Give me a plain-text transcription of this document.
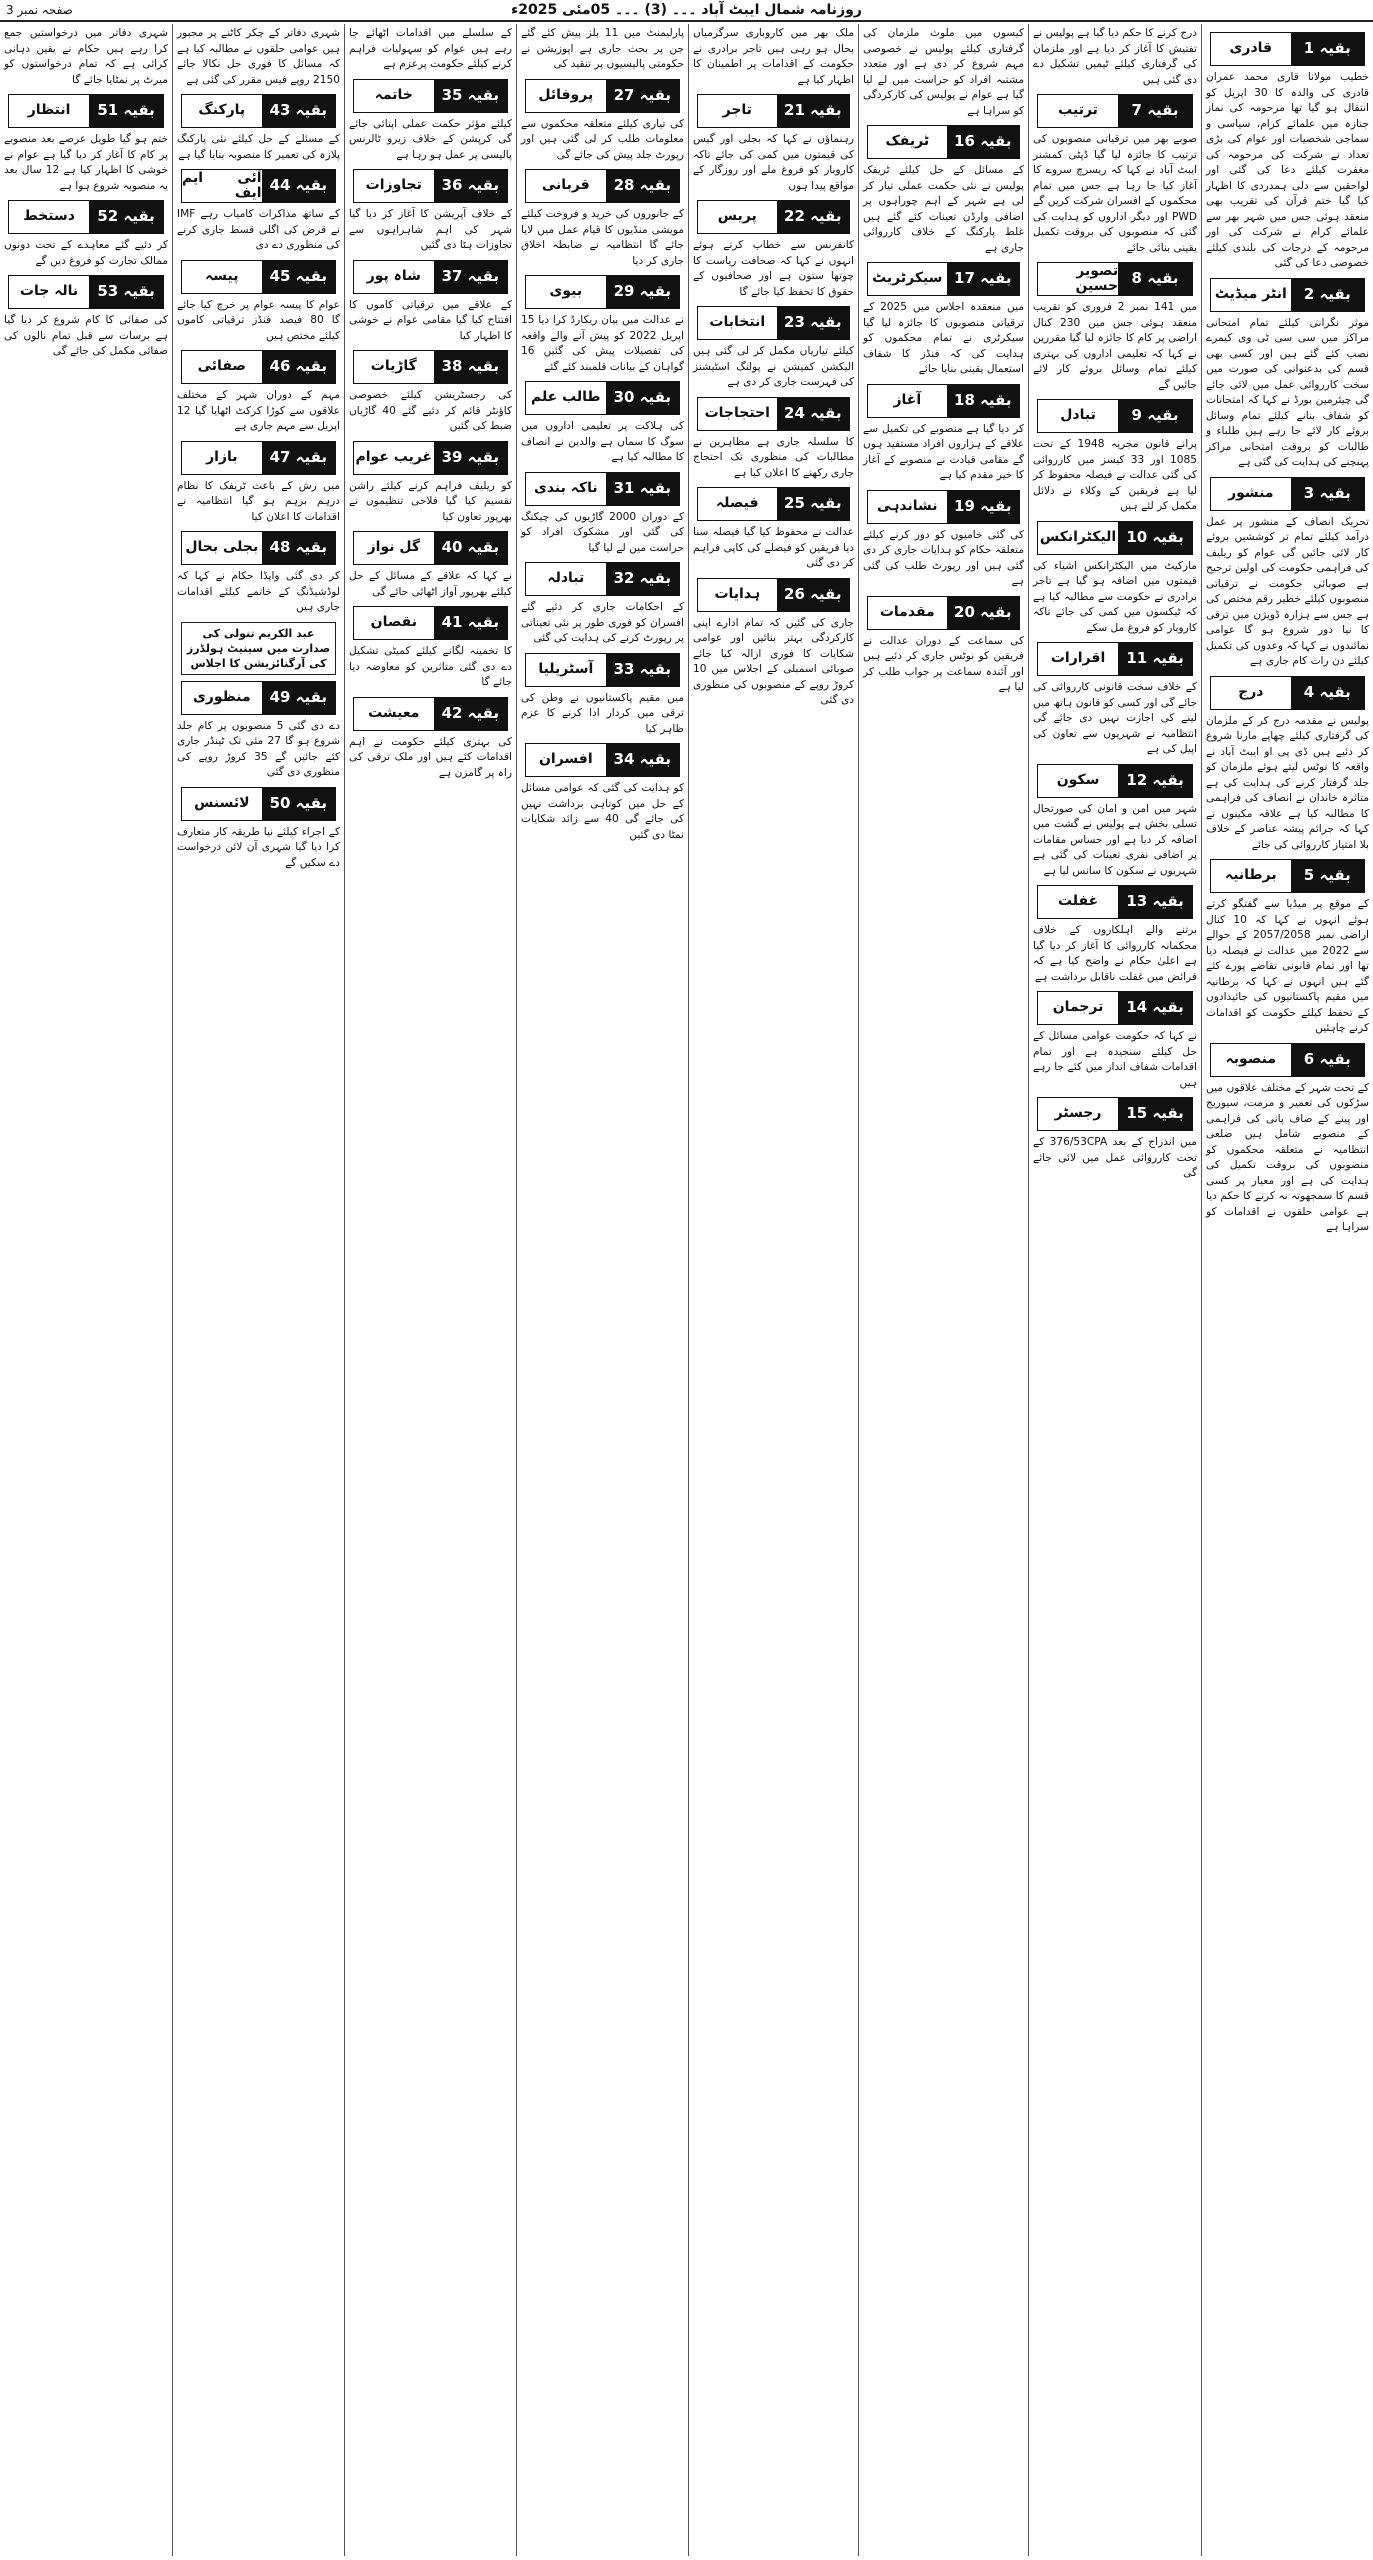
روزنامہ شمال ایبٹ آباد ۔۔۔ (3) ۔۔۔ 05مئی 2025ء
صفحہ نمبر 3

شہری دفاتر میں درخواستیں جمع کرا رہے ہیں حکام نے یقین دہانی کرائی ہے کہ تمام درخواستوں کو میرٹ پر نمٹایا جائے گا

بقیہ 51
انتظار

ختم ہو گیا طویل عرصے بعد منصوبے پر کام کا آغاز کر دیا گیا ہے عوام نے خوشی کا اظہار کیا ہے 12 سال بعد یہ منصوبہ شروع ہوا ہے

بقیہ 52
دستخط

کر دئیے گئے معاہدے کے تحت دونوں ممالک تجارت کو فروغ دیں گے

بقیہ 53
نالہ جات

کی صفائی کا کام شروع کر دیا گیا ہے برسات سے قبل تمام نالوں کی صفائی مکمل کی جائے گی

شہری دفاتر کے چکر کاٹنے پر مجبور ہیں عوامی حلقوں نے مطالبہ کیا ہے کہ مسائل کا فوری حل نکالا جائے 2150 روپے فیس مقرر کی گئی ہے

بقیہ 43
پارکنگ

کے مسئلے کے حل کیلئے نئی پارکنگ پلازہ کی تعمیر کا منصوبہ بنایا گیا ہے

بقیہ 44
آئی ایم ایف

کے ساتھ مذاکرات کامیاب رہے IMF نے قرض کی اگلی قسط جاری کرنے کی منظوری دے دی

بقیہ 45
پیسہ

عوام کا پیسہ عوام پر خرچ کیا جائے گا 80 فیصد فنڈز ترقیاتی کاموں کیلئے مختص ہیں

بقیہ 46
صفائی

مہم کے دوران شہر کے مختلف علاقوں سے کوڑا کرکٹ اٹھایا گیا 12 اپریل سے مہم جاری ہے

بقیہ 47
بازار

میں رش کے باعث ٹریفک کا نظام درہم برہم ہو گیا انتظامیہ نے اقدامات کا اعلان کیا

بقیہ 48
بجلی بحال

کر دی گئی واپڈا حکام نے کہا کہ لوڈشیڈنگ کے خاتمے کیلئے اقدامات جاری ہیں

عبد الکریم تنولی کی صدارت میں سینیٹ ہولڈرز کی آرگنائزیشن کا اجلاس
بقیہ 49
منظوری

دے دی گئی 5 منصوبوں پر کام جلد شروع ہو گا 27 مئی تک ٹینڈر جاری کئے جائیں گے 35 کروڑ روپے کی منظوری دی گئی

بقیہ 50
لائسنس

کے اجراء کیلئے نیا طریقہ کار متعارف کرا دیا گیا شہری آن لائن درخواست دے سکیں گے

کے سلسلے میں اقدامات اٹھائے جا رہے ہیں عوام کو سہولیات فراہم کرنے کیلئے حکومت پرعزم ہے

بقیہ 35
خاتمہ

کیلئے مؤثر حکمت عملی اپنائی جائے گی کرپشن کے خلاف زیرو ٹالرنس پالیسی پر عمل ہو رہا ہے

بقیہ 36
تجاوزات

کے خلاف آپریشن کا آغاز کر دیا گیا شہر کی اہم شاہراہوں سے تجاوزات ہٹا دی گئیں

بقیہ 37
شاہ پور

کے علاقے میں ترقیاتی کاموں کا افتتاح کیا گیا مقامی عوام نے خوشی کا اظہار کیا

بقیہ 38
گاڑیات

کی رجسٹریشن کیلئے خصوصی کاؤنٹر قائم کر دئیے گئے 40 گاڑیاں ضبط کی گئیں

بقیہ 39
غریب عوام

کو ریلیف فراہم کرنے کیلئے راشن تقسیم کیا گیا فلاحی تنظیموں نے بھرپور تعاون کیا

بقیہ 40
گل نواز

نے کہا کہ علاقے کے مسائل کے حل کیلئے بھرپور آواز اٹھائی جائے گی

بقیہ 41
نقصان

کا تخمینہ لگانے کیلئے کمیٹی تشکیل دے دی گئی متاثرین کو معاوضہ دیا جائے گا

بقیہ 42
معیشت

کی بہتری کیلئے حکومت نے اہم اقدامات کئے ہیں اور ملک ترقی کی راہ پر گامزن ہے

پارلیمنٹ میں 11 بلز پیش کئے گئے جن پر بحث جاری ہے اپوزیشن نے حکومتی پالیسیوں پر تنقید کی

بقیہ 27
پروفائل

کی تیاری کیلئے متعلقہ محکموں سے معلومات طلب کر لی گئی ہیں اور رپورٹ جلد پیش کی جائے گی

بقیہ 28
قربانی

کے جانوروں کی خرید و فروخت کیلئے مویشی منڈیوں کا قیام عمل میں لایا جائے گا انتظامیہ نے ضابطہ اخلاق جاری کر دیا

بقیہ 29
بیوی

نے عدالت میں بیان ریکارڈ کرا دیا 15 اپریل 2022 کو پیش آنے والے واقعہ کی تفصیلات پیش کی گئیں 16 گواہان کے بیانات قلمبند کئے گئے

بقیہ 30
طالب علم

کی ہلاکت پر تعلیمی اداروں میں سوگ کا سماں ہے والدین نے انصاف کا مطالبہ کیا ہے

بقیہ 31
ناکہ بندی

کے دوران 2000 گاڑیوں کی چیکنگ کی گئی اور مشکوک افراد کو حراست میں لے لیا گیا

بقیہ 32
تبادلہ

کے احکامات جاری کر دئیے گئے افسران کو فوری طور پر نئی تعیناتی پر رپورٹ کرنے کی ہدایت کی گئی

بقیہ 33
آسٹریلیا

میں مقیم پاکستانیوں نے وطن کی ترقی میں کردار ادا کرنے کا عزم ظاہر کیا

بقیہ 34
افسران

کو ہدایت کی گئی کہ عوامی مسائل کے حل میں کوتاہی برداشت نہیں کی جائے گی 40 سے زائد شکایات نمٹا دی گئیں

ملک بھر میں کاروباری سرگرمیاں بحال ہو رہی ہیں تاجر برادری نے حکومت کے اقدامات پر اطمینان کا اظہار کیا ہے

بقیہ 21
تاجر

رہنماؤں نے کہا کہ بجلی اور گیس کی قیمتوں میں کمی کی جائے تاکہ کاروبار کو فروغ ملے اور روزگار کے مواقع پیدا ہوں

بقیہ 22
پریس

کانفرنس سے خطاب کرتے ہوئے انہوں نے کہا کہ صحافت ریاست کا چوتھا ستون ہے اور صحافیوں کے حقوق کا تحفظ کیا جائے گا

بقیہ 23
انتخابات

کیلئے تیاریاں مکمل کر لی گئی ہیں الیکشن کمیشن نے پولنگ اسٹیشنز کی فہرست جاری کر دی ہے

بقیہ 24
احتجاجات

کا سلسلہ جاری ہے مظاہرین نے مطالبات کی منظوری تک احتجاج جاری رکھنے کا اعلان کیا ہے

بقیہ 25
فیصلہ

عدالت نے محفوظ کیا گیا فیصلہ سنا دیا فریقین کو فیصلے کی کاپی فراہم کر دی گئی

بقیہ 26
ہدایات

جاری کی گئیں کہ تمام ادارے اپنی کارکردگی بہتر بنائیں اور عوامی شکایات کا فوری ازالہ کیا جائے صوبائی اسمبلی کے اجلاس میں 10 کروڑ روپے کے منصوبوں کی منظوری دی گئی

کیسوں میں ملوث ملزمان کی گرفتاری کیلئے پولیس نے خصوصی مہم شروع کر دی ہے اور متعدد مشتبہ افراد کو حراست میں لے لیا گیا ہے عوام نے پولیس کی کارکردگی کو سراہا ہے

بقیہ 16
ٹریفک

کے مسائل کے حل کیلئے ٹریفک پولیس نے نئی حکمت عملی تیار کر لی ہے شہر کے اہم چوراہوں پر اضافی وارڈن تعینات کئے گئے ہیں غلط پارکنگ کے خلاف کارروائی جاری ہے

بقیہ 17
سیکرٹریٹ

میں منعقدہ اجلاس میں 2025 کے ترقیاتی منصوبوں کا جائزہ لیا گیا سیکرٹری نے تمام محکموں کو ہدایت کی کہ فنڈز کا شفاف استعمال یقینی بنایا جائے

بقیہ 18
آغاز

کر دیا گیا ہے منصوبے کی تکمیل سے علاقے کے ہزاروں افراد مستفید ہوں گے مقامی قیادت نے منصوبے کے آغاز کا خیر مقدم کیا ہے

بقیہ 19
نشاندہی

کی گئی خامیوں کو دور کرنے کیلئے متعلقہ حکام کو ہدایات جاری کر دی گئی ہیں اور رپورٹ طلب کی گئی ہے

بقیہ 20
مقدمات

کی سماعت کے دوران عدالت نے فریقین کو نوٹس جاری کر دئیے ہیں اور آئندہ سماعت پر جواب طلب کر لیا ہے

درج کرنے کا حکم دیا گیا ہے پولیس نے تفتیش کا آغاز کر دیا ہے اور ملزمان کی گرفتاری کیلئے ٹیمیں تشکیل دے دی گئی ہیں

بقیہ 7
ترتیب

صوبے بھر میں ترقیاتی منصوبوں کی ترتیب کا جائزہ لیا گیا ڈپٹی کمشنر ایبٹ آباد نے کہا کہ ریسرچ سروے کا آغاز کیا جا رہا ہے جس میں تمام محکموں کے افسران شرکت کریں گے PWD اور دیگر اداروں کو ہدایت کی گئی کہ منصوبوں کی بروقت تکمیل یقینی بنائی جائے

بقیہ 8
تصویر حسین

میں 141 نمبر 2 فروری کو تقریب منعقد ہوئی جس میں 230 کنال اراضی پر کام کا جائزہ لیا گیا مقررین نے کہا کہ تعلیمی اداروں کی بہتری کیلئے تمام وسائل بروئے کار لائے جائیں گے

بقیہ 9
تبادل

پرانے قانون مجریہ 1948 کے تحت 1085 اور 33 کیسز میں کارروائی کی گئی عدالت نے فیصلہ محفوظ کر لیا ہے فریقین کے وکلاء نے دلائل مکمل کر لئے ہیں

بقیہ 10
الیکٹرانکس

مارکیٹ میں الیکٹرانکس اشیاء کی قیمتوں میں اضافہ ہو گیا ہے تاجر برادری نے حکومت سے مطالبہ کیا ہے کہ ٹیکسوں میں کمی کی جائے تاکہ کاروبار کو فروغ مل سکے

بقیہ 11
اقرارات

کے خلاف سخت قانونی کارروائی کی جائے گی اور کسی کو قانون ہاتھ میں لینے کی اجازت نہیں دی جائے گی انتظامیہ نے شہریوں سے تعاون کی اپیل کی ہے

بقیہ 12
سکون

شہر میں امن و امان کی صورتحال تسلی بخش ہے پولیس نے گشت میں اضافہ کر دیا ہے اور حساس مقامات پر اضافی نفری تعینات کی گئی ہے شہریوں نے سکون کا سانس لیا ہے

بقیہ 13
غفلت

برتنے والے اہلکاروں کے خلاف محکمانہ کارروائی کا آغاز کر دیا گیا ہے اعلیٰ حکام نے واضح کیا ہے کہ فرائض میں غفلت ناقابل برداشت ہے

بقیہ 14
ترجمان

نے کہا کہ حکومت عوامی مسائل کے حل کیلئے سنجیدہ ہے اور تمام اقدامات شفاف انداز میں کئے جا رہے ہیں

بقیہ 15
رجسٹر

میں اندراج کے بعد 376/53CPA کے تحت کارروائی عمل میں لائی جائے گی

بقیہ 1
قادری

خطیب مولانا قاری محمد عمران قادری کی والدہ کا 30 اپریل کو انتقال ہو گیا تھا مرحومہ کی نماز جنازہ میں علمائے کرام، سیاسی و سماجی شخصیات اور عوام کی بڑی تعداد نے شرکت کی مرحومہ کی مغفرت کیلئے دعا کی گئی اور لواحقین سے دلی ہمدردی کا اظہار کیا گیا ختم قرآن کی تقریب بھی منعقد ہوئی جس میں شہر بھر سے علمائے کرام نے شرکت کی اور مرحومہ کے درجات کی بلندی کیلئے خصوصی دعا کی گئی

بقیہ 2
انٹر میڈیٹ

موثر نگرانی کیلئے تمام امتحانی مراکز میں سی سی ٹی وی کیمرے نصب کئے گئے ہیں اور کسی بھی قسم کی بدعنوانی کی صورت میں سخت کارروائی عمل میں لائی جائے گی چیئرمین بورڈ نے کہا کہ امتحانات کو شفاف بنانے کیلئے تمام وسائل بروئے کار لائے جا رہے ہیں طلباء و طالبات کو بروقت امتحانی مراکز پہنچنے کی ہدایت کی گئی ہے

بقیہ 3
منشور

تحریک انصاف کے منشور پر عمل درآمد کیلئے تمام تر کوششیں بروئے کار لائی جائیں گی عوام کو ریلیف کی فراہمی حکومت کی اولین ترجیح ہے صوبائی حکومت نے ترقیاتی منصوبوں کیلئے خطیر رقم مختص کی ہے جس سے ہزارہ ڈویژن میں ترقی کا نیا دور شروع ہو گا عوامی نمائندوں نے کہا کہ وعدوں کی تکمیل کیلئے دن رات کام جاری ہے

بقیہ 4
درج

پولیس نے مقدمہ درج کر کے ملزمان کی گرفتاری کیلئے چھاپے مارنا شروع کر دئیے ہیں ڈی پی او ایبٹ آباد نے واقعہ کا نوٹس لیتے ہوئے ملزمان کو جلد گرفتار کرنے کی ہدایت کی ہے متاثرہ خاندان نے انصاف کی فراہمی کا مطالبہ کیا ہے علاقہ مکینوں نے کہا کہ جرائم پیشہ عناصر کے خلاف بلا امتیاز کارروائی کی جائے

بقیہ 5
برطانیہ

کے موقع پر میڈیا سے گفتگو کرتے ہوئے انہوں نے کہا کہ 10 کنال اراضی نمبر 2057/2058 کے حوالے سے 2022 میں عدالت نے فیصلہ دیا تھا اور تمام قانونی تقاضے پورے کئے گئے ہیں انہوں نے کہا کہ برطانیہ میں مقیم پاکستانیوں کی جائیدادوں کے تحفظ کیلئے حکومت کو اقدامات کرنے چاہئیں

بقیہ 6
منصوبہ

کے تحت شہر کے مختلف علاقوں میں سڑکوں کی تعمیر و مرمت، سیوریج اور پینے کے صاف پانی کی فراہمی کے منصوبے شامل ہیں ضلعی انتظامیہ نے متعلقہ محکموں کو منصوبوں کی بروقت تکمیل کی ہدایت کی ہے اور معیار پر کسی قسم کا سمجھوتہ نہ کرنے کا حکم دیا ہے عوامی حلقوں نے اقدامات کو سراہا ہے
